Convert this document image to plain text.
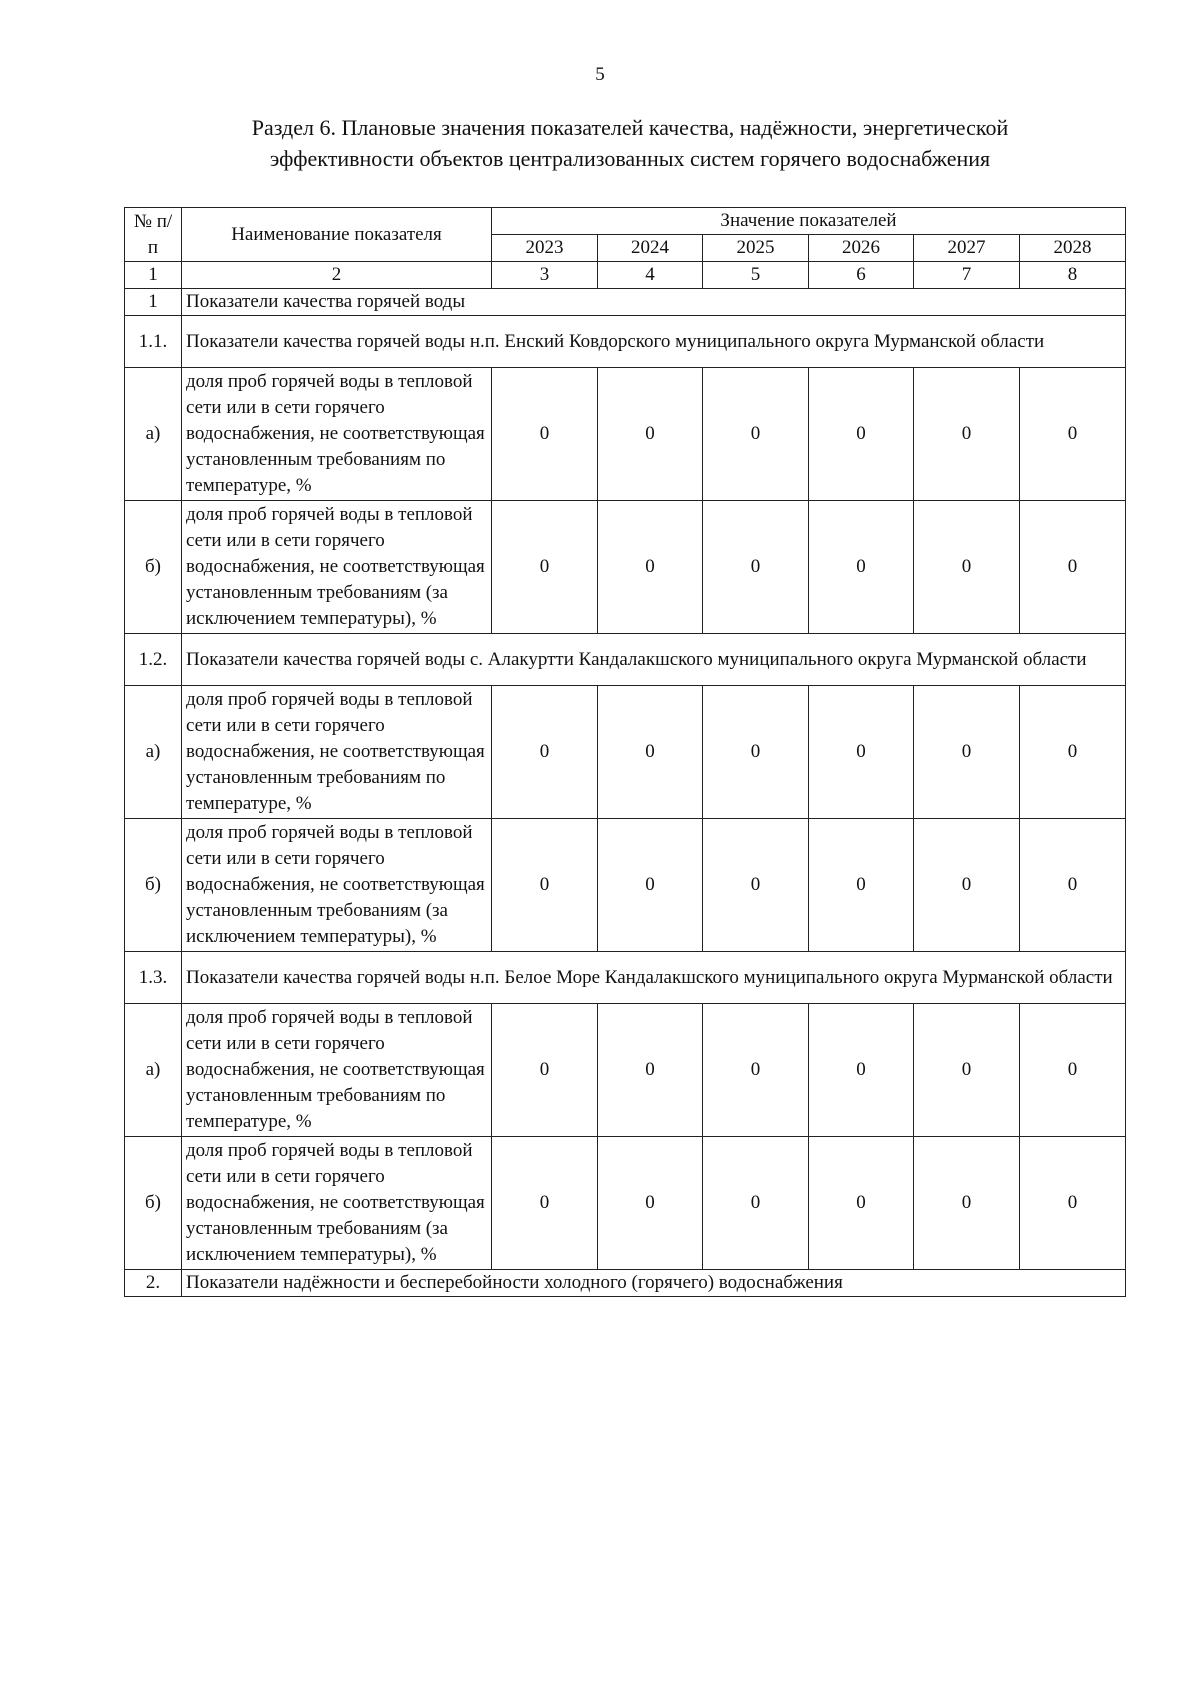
5
Раздел 6. Плановые значения показателей качества, надёжности, энергетической
эффективности объектов централизованных систем горячего водоснабжения
№ п/п	Наименование показателя	Значение показателей					
		2023	2024	2025	2026	2027	2028
1	2	3	4	5	6	7	8
1	Показатели качества горячей воды						
1.1.	Показатели качества горячей воды н.п. Енский Ковдорского муниципального округа Мурманской области						
а)	доля проб горячей воды в тепловой сети или в сети горячего водоснабжения, не соответствующая установленным требованиям по температуре, %	0	0	0	0	0	0
б)	доля проб горячей воды в тепловой сети или в сети горячего водоснабжения, не соответствующая установленным требованиям (за исключением температуры), %	0	0	0	0	0	0
1.2.	Показатели качества горячей воды с. Алакуртти Кандалакшского муниципального округа Мурманской области						
а)	доля проб горячей воды в тепловой сети или в сети горячего водоснабжения, не соответствующая установленным требованиям по температуре, %	0	0	0	0	0	0
б)	доля проб горячей воды в тепловой сети или в сети горячего водоснабжения, не соответствующая установленным требованиям (за исключением температуры), %	0	0	0	0	0	0
1.3.	Показатели качества горячей воды н.п. Белое Море Кандалакшского муниципального округа Мурманской области						
а)	доля проб горячей воды в тепловой сети или в сети горячего водоснабжения, не соответствующая установленным требованиям по температуре, %	0	0	0	0	0	0
б)	доля проб горячей воды в тепловой сети или в сети горячего водоснабжения, не соответствующая установленным требованиям (за исключением температуры), %	0	0	0	0	0	0
2.	Показатели надёжности и бесперебойности холодного (горячего) водоснабжения						
